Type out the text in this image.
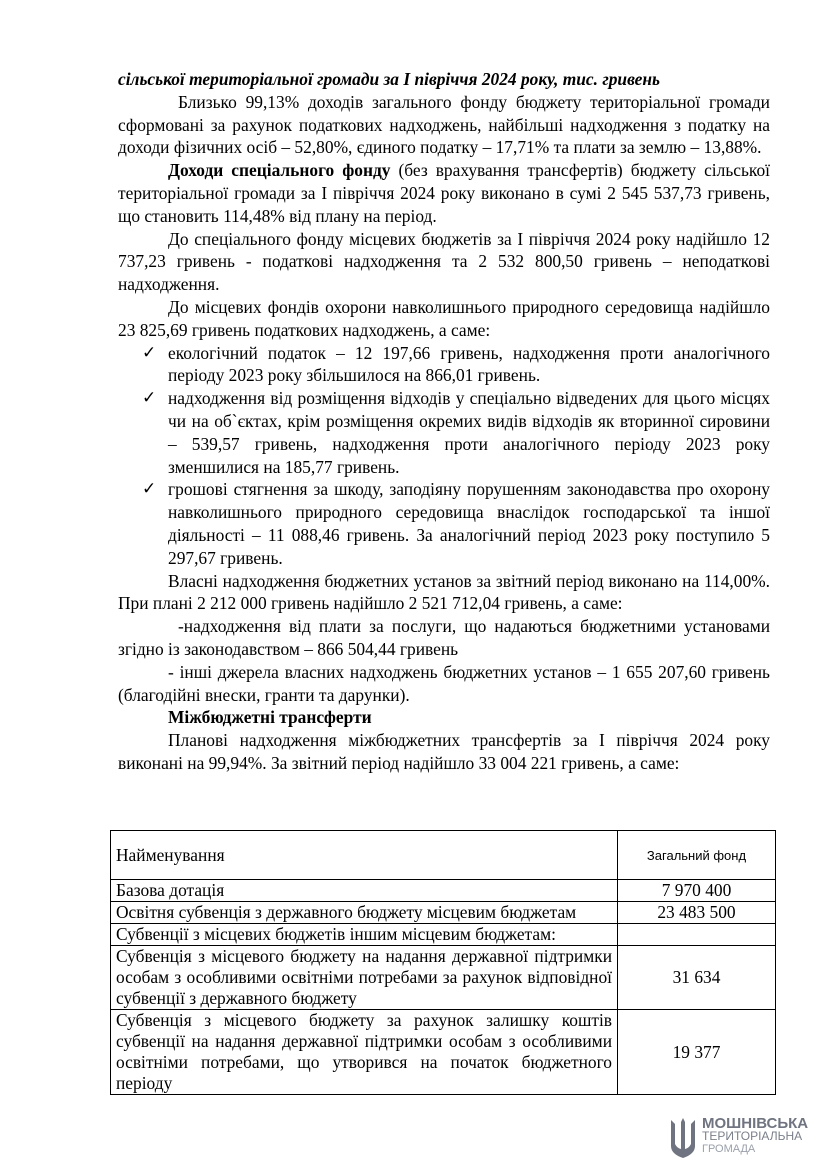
сільської територіальної громади за І півріччя 2024 року, тис. гривень

Близько 99,13% доходів загального фонду бюджету територіальної громади сформовані за рахунок податкових надходжень, найбільші надходження з податку на доходи фізичних осіб – 52,80%, єдиного податку – 17,71% та плати за землю – 13,88%.

Доходи спеціального фонду (без врахування трансфертів) бюджету сільської територіальної громади за І півріччя 2024 року виконано в сумі 2 545 537,73 гривень, що становить 114,48% від плану на період.

До спеціального фонду місцевих бюджетів за І півріччя 2024 року надійшло 12 737,23 гривень - податкові надходження та 2 532 800,50 гривень – неподаткові надходження.

До місцевих фондів охорони навколишнього природного середовища надійшло 23 825,69 гривень податкових надходжень, а саме:

✓ екологічний податок – 12 197,66 гривень, надходження проти аналогічного періоду 2023 року збільшилося на 866,01 гривень.
✓ надходження від розміщення відходів у спеціально відведених для цього місцях чи на об`єктах, крім розміщення окремих видів відходів як вторинної сировини – 539,57 гривень, надходження проти аналогічного періоду 2023 року зменшилися на 185,77 гривень.
✓ грошові стягнення за шкоду, заподіяну порушенням законодавства про охорону навколишнього природного середовища внаслідок господарської та іншої діяльності – 11 088,46 гривень. За аналогічний період 2023 року поступило 5 297,67 гривень.

Власні надходження бюджетних установ за звітний період виконано на 114,00%. При плані 2 212 000 гривень надійшло 2 521 712,04 гривень, а саме:

-надходження від плати за послуги, що надаються бюджетними установами згідно із законодавством – 866 504,44 гривень

- інші джерела власних надходжень бюджетних установ – 1 655 207,60 гривень (благодійні внески, гранти та дарунки).

Міжбюджетні трансферти

Планові надходження міжбюджетних трансфертів за І півріччя 2024 року виконані на 99,94%. За звітний період надійшло 33 004 221 гривень, а саме:

Найменування	Загальний фонд
Базова дотація	7 970 400
Освітня субвенція з державного бюджету місцевим бюджетам	23 483 500
Субвенції з місцевих бюджетів іншим місцевим бюджетам:	
Субвенція з місцевого бюджету на надання державної підтримки особам з особливими освітніми потребами за рахунок відповідної субвенції з державного бюджету	31 634
Субвенція з місцевого бюджету за рахунок залишку коштів субвенції на надання державної підтримки особам з особливими освітніми потребами, що утворився на початок бюджетного періоду	19 377
МОШНІВСЬКА
ТЕРИТОРІАЛЬНА
ГРОМАДА
